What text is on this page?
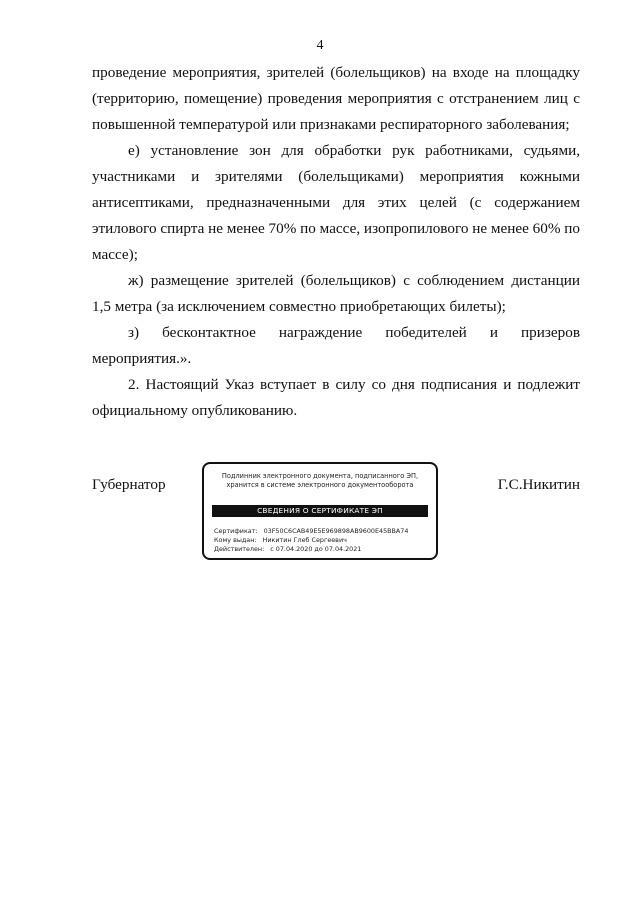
4

проведение мероприятия, зрителей (болельщиков) на входе на площадку (территорию, помещение) проведения мероприятия с отстранением лиц с повышенной температурой или признаками респираторного заболевания;

е) установление зон для обработки рук работниками, судьями, участниками и зрителями (болельщиками) мероприятия кожными антисептиками, предназначенными для этих целей (с содержанием этилового спирта не менее 70% по массе, изопропилового не менее 60% по массе);

ж) размещение зрителей (болельщиков) с соблюдением дистанции 1,5 метра (за исключением совместно приобретающих билеты);

з) бесконтактное награждение победителей и призеров мероприятия.».

2. Настоящий Указ вступает в силу со дня подписания и подлежит официальному опубликованию.

Губернатор	Подлинник электронного документа, подписанного ЭП,
хранится в системе электронного документооборота
СВЕДЕНИЯ О СЕРТИФИКАТЕ ЭП
Сертификат: 03F50C6CAB49E5E969898AB9600E45BBA74
Кому выдан: Никитин Глеб Сергеевич
Действителен: с 07.04.2020 до 07.04.2021
Г.С.Никитин
